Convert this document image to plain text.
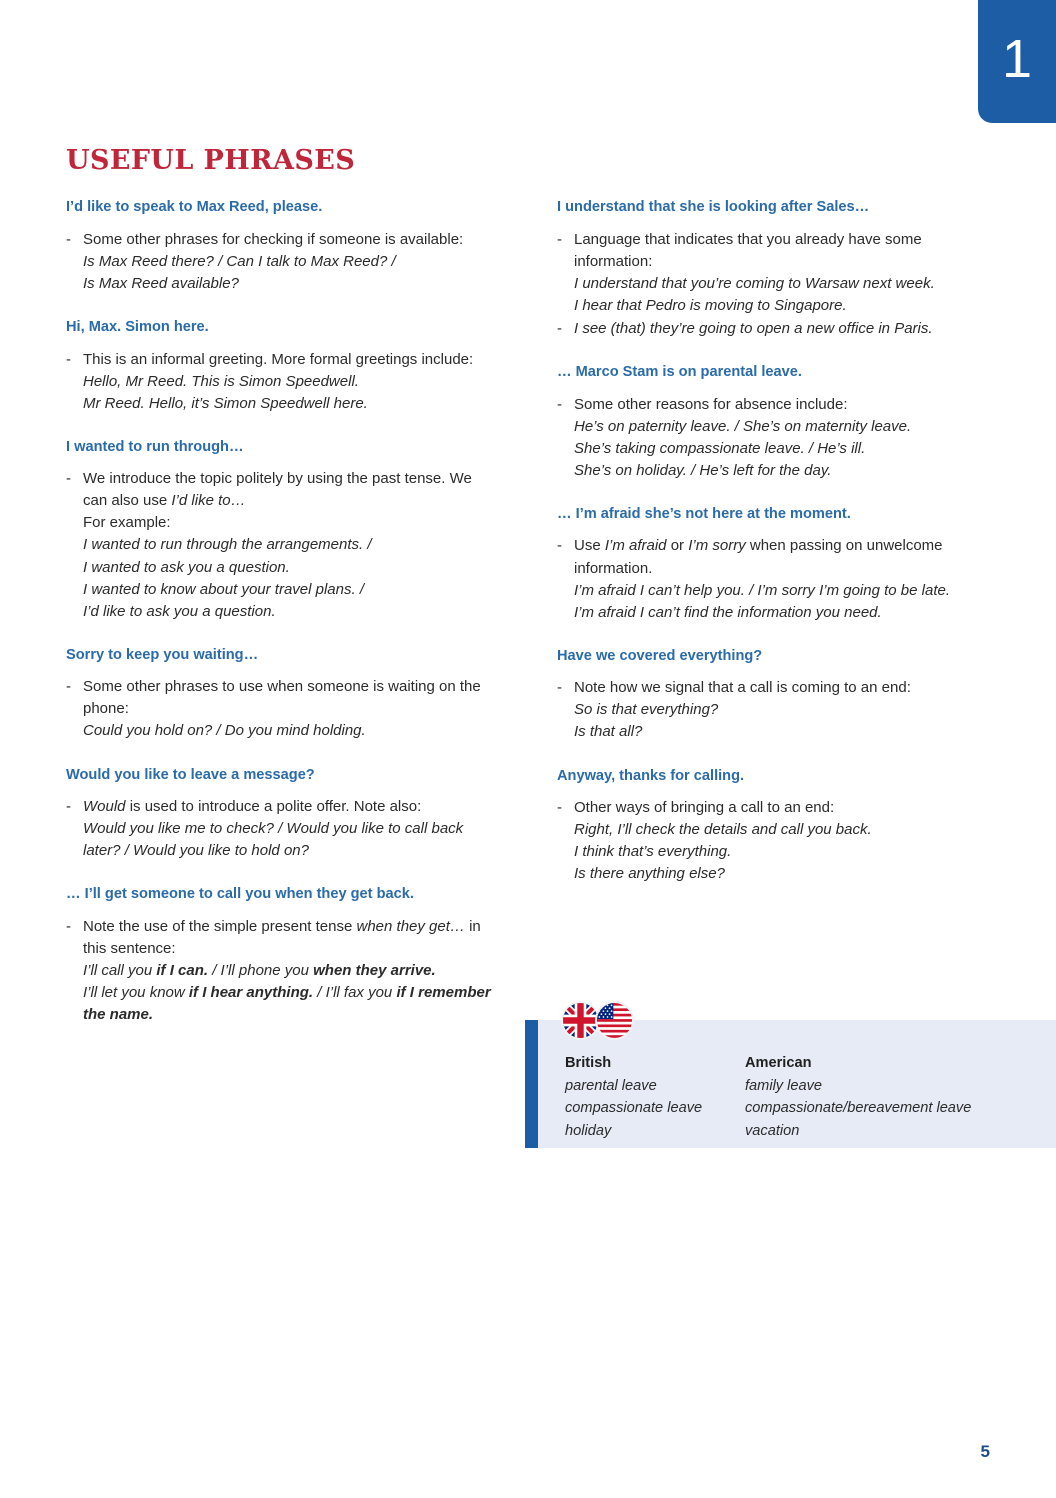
1
USEFUL PHRASES
I’d like to speak to Max Reed, please.
- Some other phrases for checking if someone is available:
Is Max Reed there? / Can I talk to Max Reed? /
Is Max Reed available?
Hi, Max. Simon here.
- This is an informal greeting. More formal greetings include:
Hello, Mr Reed. This is Simon Speedwell.
Mr Reed. Hello, it’s Simon Speedwell here.
I wanted to run through…
- We introduce the topic politely by using the past tense. We can also use I’d like to…
For example:
I wanted to run through the arrangements. /
I wanted to ask you a question.
I wanted to know about your travel plans. /
I’d like to ask you a question.
Sorry to keep you waiting…
- Some other phrases to use when someone is waiting on the phone:
Could you hold on? / Do you mind holding.
Would you like to leave a message?
- Would is used to introduce a polite offer. Note also:
Would you like me to check? / Would you like to call back later? / Would you like to hold on?
… I’ll get someone to call you when they get back.
- Note the use of the simple present tense when they get… in this sentence:
I’ll call you if I can. / I’ll phone you when they arrive.
I’ll let you know if I hear anything. / I’ll fax you if I remember the name.
I understand that she is looking after Sales…
- Language that indicates that you already have some information:
I understand that you’re coming to Warsaw next week.
I hear that Pedro is moving to Singapore.
- I see (that) they’re going to open a new office in Paris.
… Marco Stam is on parental leave.
- Some other reasons for absence include:
He’s on paternity leave. / She’s on maternity leave.
She’s taking compassionate leave. / He’s ill.
She’s on holiday. / He’s left for the day.
… I’m afraid she’s not here at the moment.
- Use I’m afraid or I’m sorry when passing on unwelcome information.
I’m afraid I can’t help you. / I’m sorry I’m going to be late.
I’m afraid I can’t find the information you need.
Have we covered everything?
- Note how we signal that a call is coming to an end:
So is that everything?
Is that all?
Anyway, thanks for calling.
- Other ways of bringing a call to an end:
Right, I’ll check the details and call you back.
I think that’s everything.
Is there anything else?
British
parental leave
compassionate leave
holiday
American
family leave
compassionate/bereavement leave
vacation
5
